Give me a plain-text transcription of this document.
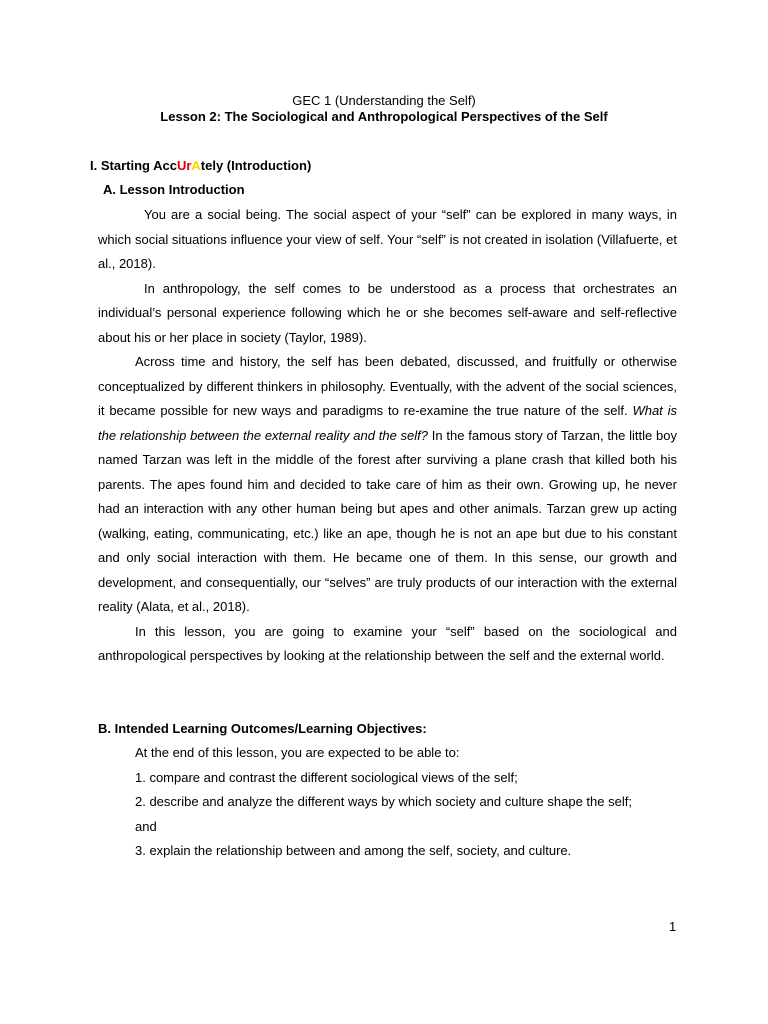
GEC 1 (Understanding the Self)
Lesson 2: The Sociological and Anthropological Perspectives of the Self
I. Starting AccUrAtely (Introduction)
A. Lesson Introduction

You are a social being. The social aspect of your “self” can be explored in many ways, in which social situations influence your view of self. Your “self” is not created in isolation (Villafuerte, et al., 2018).

In anthropology, the self comes to be understood as a process that orchestrates an individual’s personal experience following which he or she becomes self-aware and self-reflective about his or her place in society (Taylor, 1989).

Across time and history, the self has been debated, discussed, and fruitfully or otherwise conceptualized by different thinkers in philosophy. Eventually, with the advent of the social sciences, it became possible for new ways and paradigms to re-examine the true nature of the self. What is the relationship between the external reality and the self? In the famous story of Tarzan, the little boy named Tarzan was left in the middle of the forest after surviving a plane crash that killed both his parents. The apes found him and decided to take care of him as their own. Growing up, he never had an interaction with any other human being but apes and other animals. Tarzan grew up acting (walking, eating, communicating, etc.) like an ape, though he is not an ape but due to his constant and only social interaction with them. He became one of them. In this sense, our growth and development, and consequentially, our “selves” are truly products of our interaction with the external reality (Alata, et al., 2018).

In this lesson, you are going to examine your “self” based on the sociological and anthropological perspectives by looking at the relationship between the self and the external world.

B. Intended Learning Outcomes/Learning Objectives:
At the end of this lesson, you are expected to be able to:
1. compare and contrast the different sociological views of the self;
2. describe and analyze the different ways by which society and culture shape the self;
and
3. explain the relationship between and among the self, society, and culture.
1
